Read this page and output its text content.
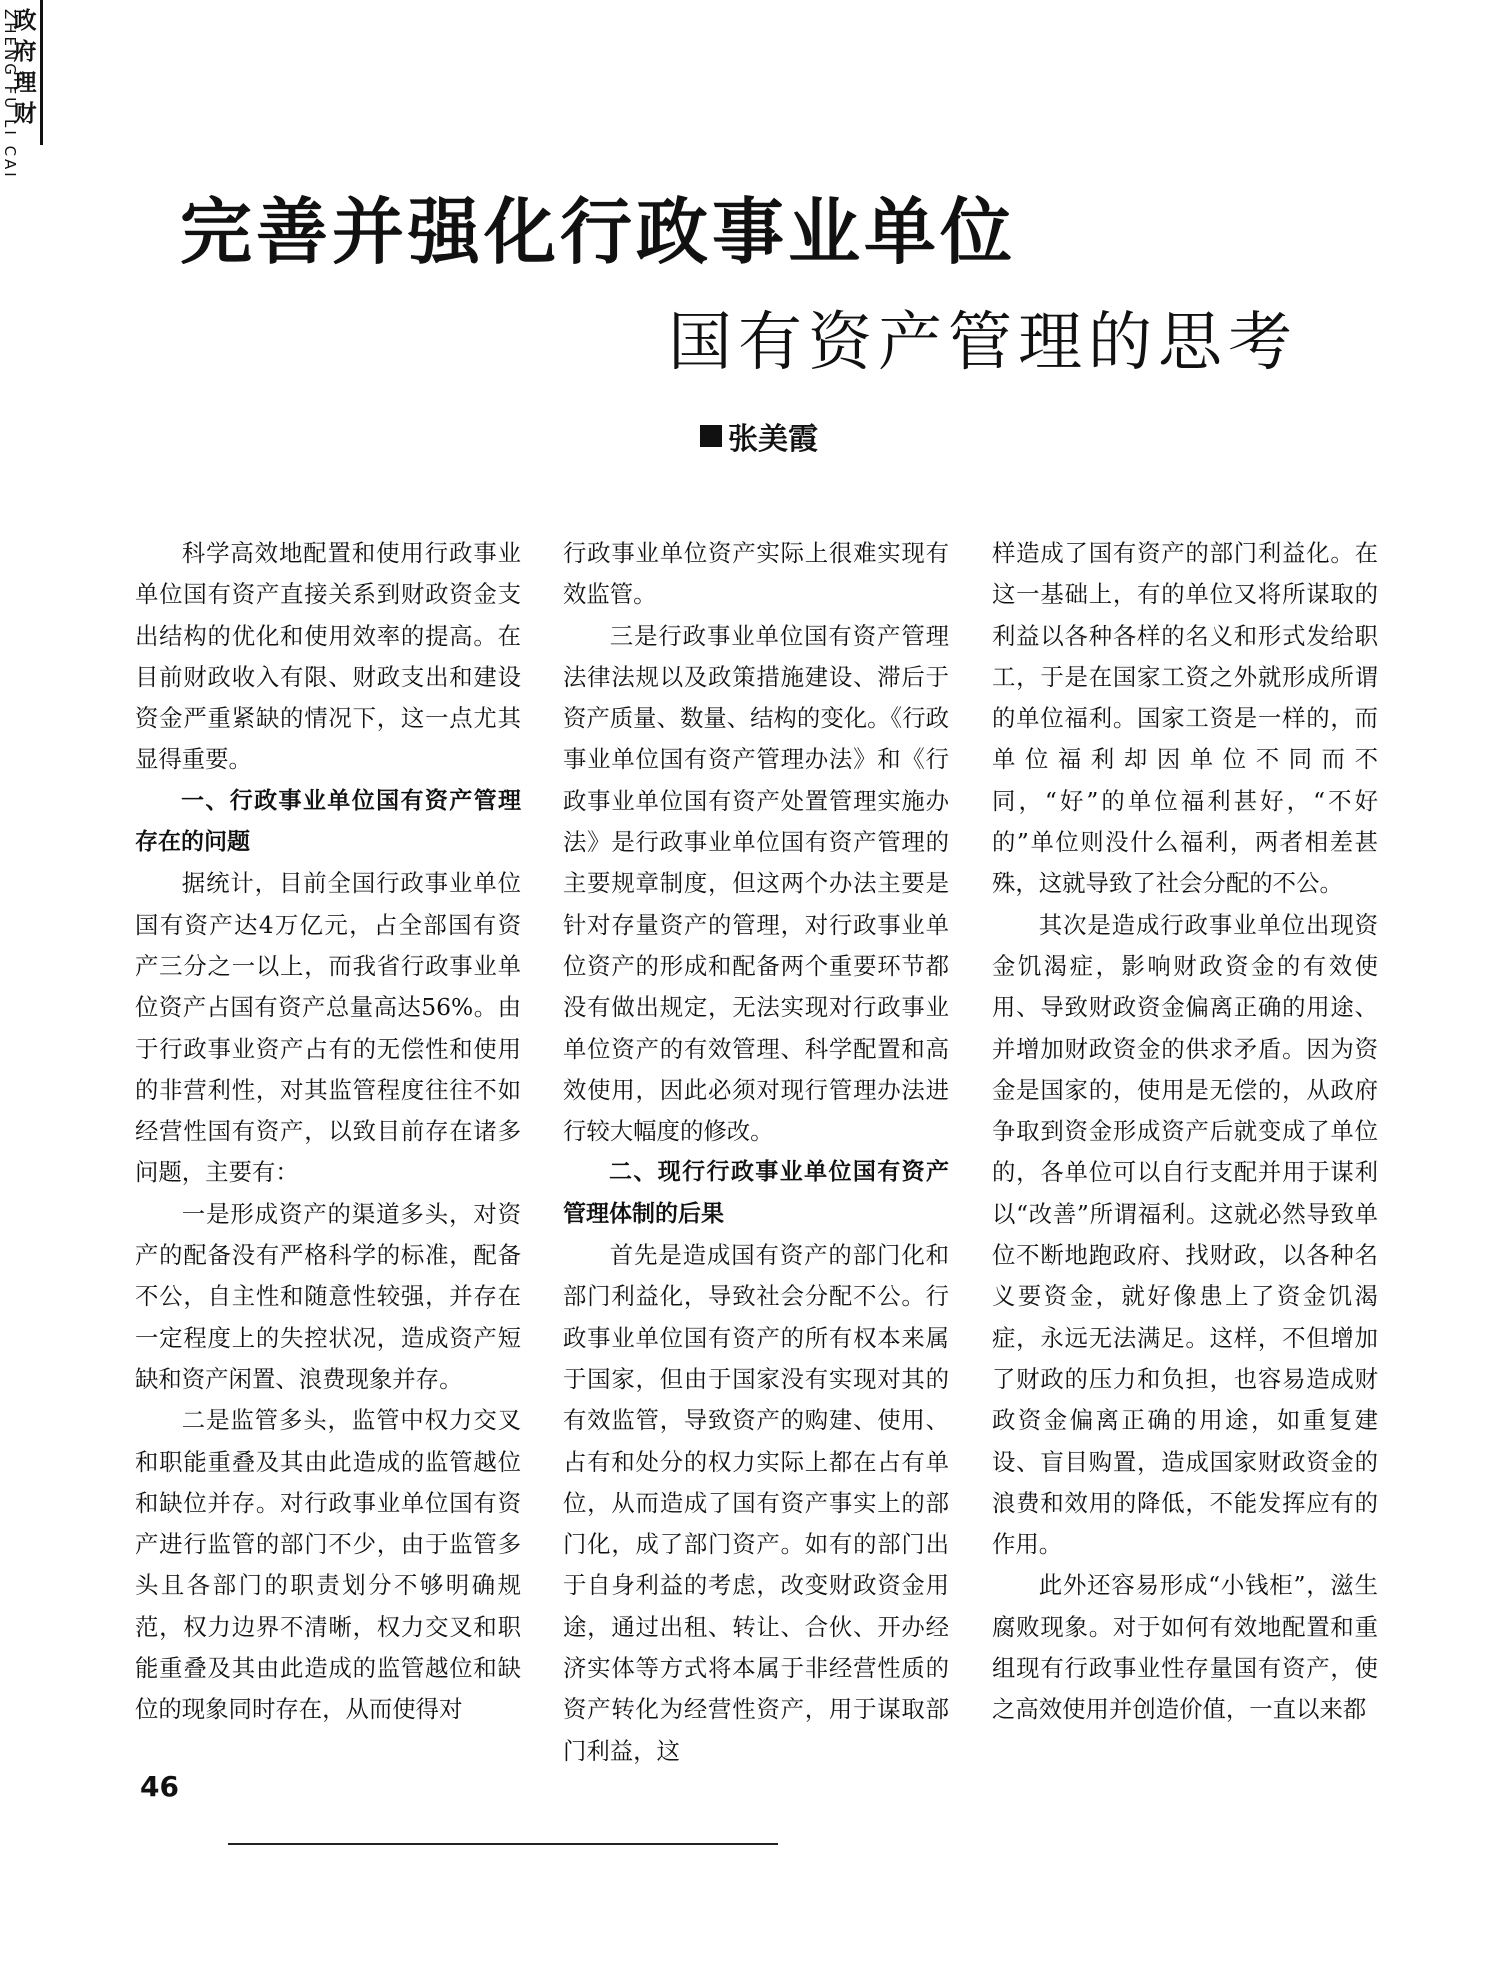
政府理财
ZHENG FU LI CAI
完善并强化行政事业单位
国有资产管理的思考
张美霞

科学高效地配置和使用行政事业单位国有资产直接关系到财政资金支出结构的优化和使用效率的提高。在目前财政收入有限、财政支出和建设资金严重紧缺的情况下，这一点尤其显得重要。

一、行政事业单位国有资产管理存在的问题

据统计，目前全国行政事业单位国有资产达4万亿元，占全部国有资产三分之一以上，而我省行政事业单位资产占国有资产总量高达56%。由于行政事业资产占有的无偿性和使用的非营利性，对其监管程度往往不如经营性国有资产，以致目前存在诸多问题，主要有：

一是形成资产的渠道多头，对资产的配备没有严格科学的标准，配备不公，自主性和随意性较强，并存在一定程度上的失控状况，造成资产短缺和资产闲置、浪费现象并存。

二是监管多头，监管中权力交叉和职能重叠及其由此造成的监管越位和缺位并存。对行政事业单位国有资产进行监管的部门不少，由于监管多头且各部门的职责划分不够明确规范，权力边界不清晰，权力交叉和职能重叠及其由此造成的监管越位和缺位的现象同时存在，从而使得对

行政事业单位资产实际上很难实现有效监管。

三是行政事业单位国有资产管理法律法规以及政策措施建设、滞后于资产质量、数量、结构的变化。《行政事业单位国有资产管理办法》和《行政事业单位国有资产处置管理实施办法》是行政事业单位国有资产管理的主要规章制度，但这两个办法主要是针对存量资产的管理，对行政事业单位资产的形成和配备两个重要环节都没有做出规定，无法实现对行政事业单位资产的有效管理、科学配置和高效使用，因此必须对现行管理办法进行较大幅度的修改。

二、现行行政事业单位国有资产管理体制的后果

首先是造成国有资产的部门化和部门利益化，导致社会分配不公。行政事业单位国有资产的所有权本来属于国家，但由于国家没有实现对其的有效监管，导致资产的购建、使用、占有和处分的权力实际上都在占有单位，从而造成了国有资产事实上的部门化，成了部门资产。如有的部门出于自身利益的考虑，改变财政资金用途，通过出租、转让、合伙、开办经济实体等方式将本属于非经营性质的资产转化为经营性资产，用于谋取部门利益，这

样造成了国有资产的部门利益化。在这一基础上，有的单位又将所谋取的利益以各种各样的名义和形式发给职工，于是在国家工资之外就形成所谓的单位福利。国家工资是一样的，而单位福利却因单位不同而不同，“好”的单位福利甚好，“不好的”单位则没什么福利，两者相差甚殊，这就导致了社会分配的不公。

其次是造成行政事业单位出现资金饥渴症，影响财政资金的有效使用、导致财政资金偏离正确的用途、并增加财政资金的供求矛盾。因为资金是国家的，使用是无偿的，从政府争取到资金形成资产后就变成了单位的，各单位可以自行支配并用于谋利以“改善”所谓福利。这就必然导致单位不断地跑政府、找财政，以各种名义要资金，就好像患上了资金饥渴症，永远无法满足。这样，不但增加了财政的压力和负担，也容易造成财政资金偏离正确的用途，如重复建设、盲目购置，造成国家财政资金的浪费和效用的降低，不能发挥应有的作用。

此外还容易形成“小钱柜”，滋生腐败现象。对于如何有效地配置和重组现有行政事业性存量国有资产，使之高效使用并创造价值，一直以来都

46
